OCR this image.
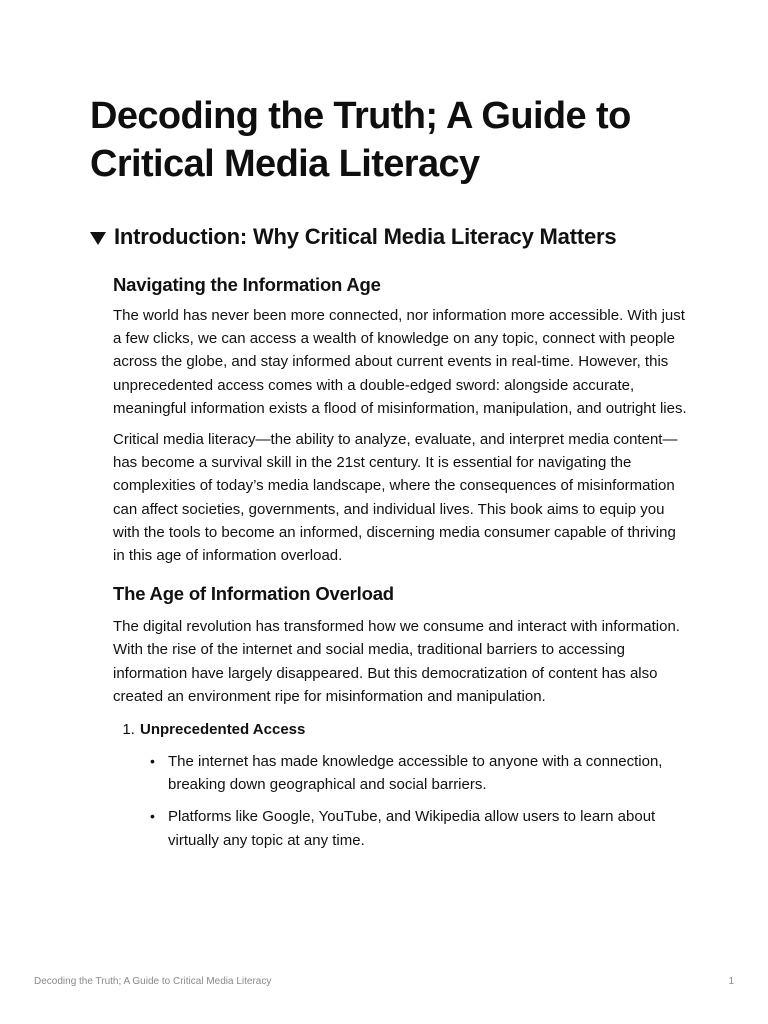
Decoding the Truth; A Guide to Critical Media Literacy
Introduction: Why Critical Media Literacy Matters
Navigating the Information Age

The world has never been more connected, nor information more accessible. With just a few clicks, we can access a wealth of knowledge on any topic, connect with people across the globe, and stay informed about current events in real-time. However, this unprecedented access comes with a double-edged sword: alongside accurate, meaningful information exists a flood of misinformation, manipulation, and outright lies.

Critical media literacy—the ability to analyze, evaluate, and interpret media content—has become a survival skill in the 21st century. It is essential for navigating the complexities of today’s media landscape, where the consequences of misinformation can affect societies, governments, and individual lives. This book aims to equip you with the tools to become an informed, discerning media consumer capable of thriving in this age of information overload.

The Age of Information Overload

The digital revolution has transformed how we consume and interact with information. With the rise of the internet and social media, traditional barriers to accessing information have largely disappeared. But this democratization of content has also created an environment ripe for misinformation and manipulation.

1. Unprecedented Access
• The internet has made knowledge accessible to anyone with a connection, breaking down geographical and social barriers.
• Platforms like Google, YouTube, and Wikipedia allow users to learn about virtually any topic at any time.
Decoding the Truth; A Guide to Critical Media Literacy	1
